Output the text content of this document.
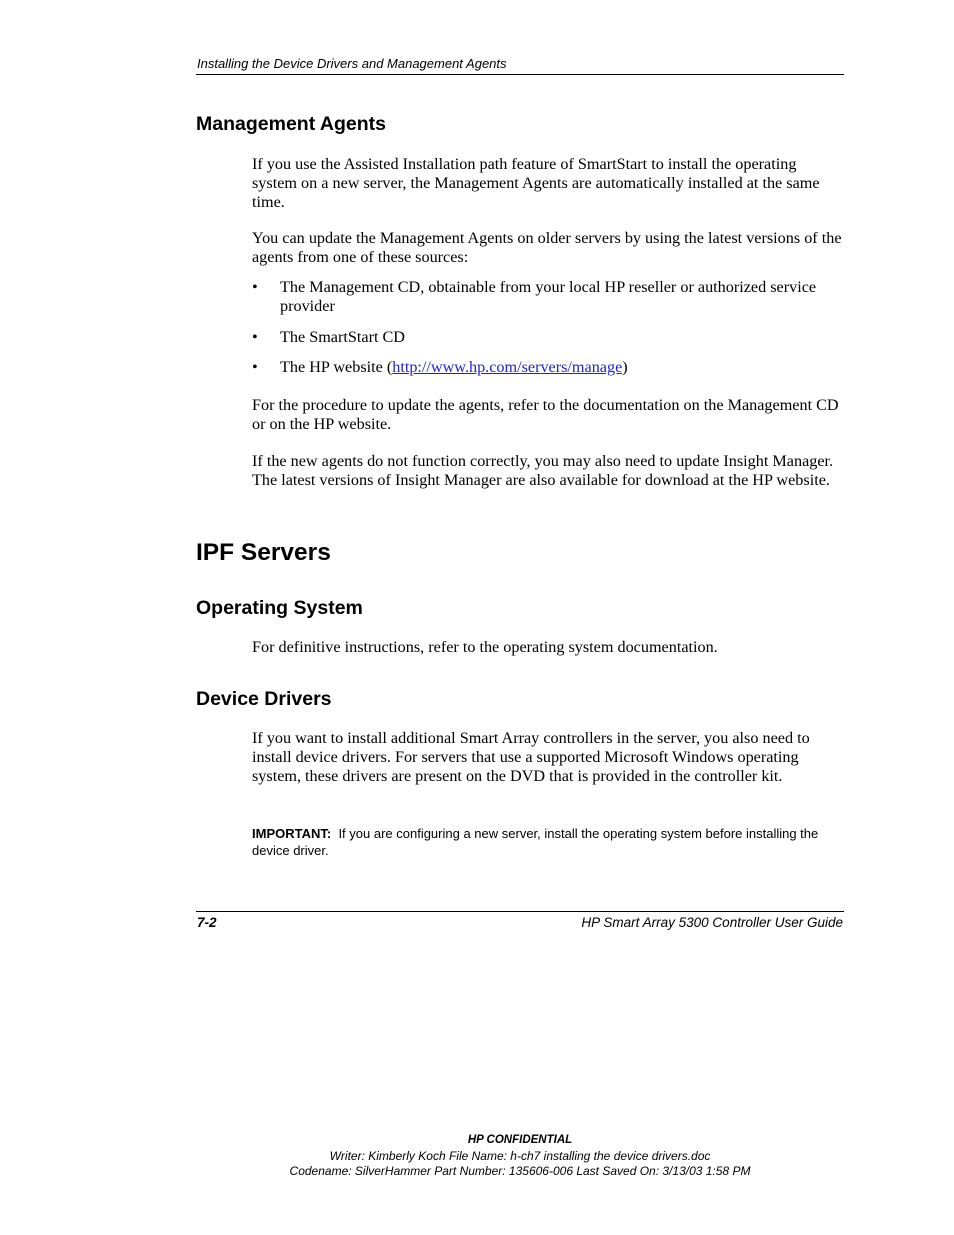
Installing the Device Drivers and Management Agents
Management Agents

If you use the Assisted Installation path feature of SmartStart to install the operating system on a new server, the Management Agents are automatically installed at the same time.

You can update the Management Agents on older servers by using the latest versions of the agents from one of these sources:

•	The Management CD, obtainable from your local HP reseller or authorized service provider
•	The SmartStart CD
•	The HP website (http://www.hp.com/servers/manage)

For the procedure to update the agents, refer to the documentation on the Management CD or on the HP website.

If the new agents do not function correctly, you may also need to update Insight Manager. The latest versions of Insight Manager are also available for download at the HP website.

IPF Servers
Operating System

For definitive instructions, refer to the operating system documentation.

Device Drivers

If you want to install additional Smart Array controllers in the server, you also need to install device drivers. For servers that use a supported Microsoft Windows operating system, these drivers are present on the DVD that is provided in the controller kit.

IMPORTANT: If you are configuring a new server, install the operating system before installing the device driver.
7-2	HP Smart Array 5300 Controller User Guide
HP CONFIDENTIAL
Writer: Kimberly Koch File Name: h-ch7 installing the device drivers.doc
Codename: SilverHammer Part Number: 135606-006 Last Saved On: 3/13/03 1:58 PM
